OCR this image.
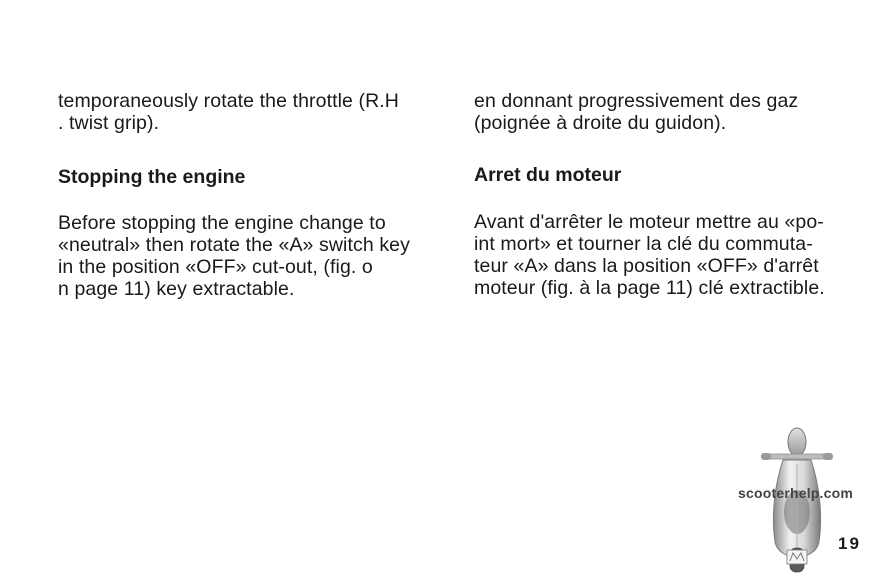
temporaneously rotate the throttle (R.H
. twist grip).

Stopping the engine

Before stopping the engine change to
«neutral» then rotate the «A» switch key
in the position «OFF» cut-out, (fig. o
n page 11) key extractable.

en donnant progressivement des gaz
(poignée à droite du guidon).

Arret du moteur

Avant d'arrêter le moteur mettre au «po-
int mort» et tourner la clé du commuta-
teur «A» dans la position «OFF» d'arrêt
moteur (fig. à la page 11) clé extractible.

scooterhelp.com
19
